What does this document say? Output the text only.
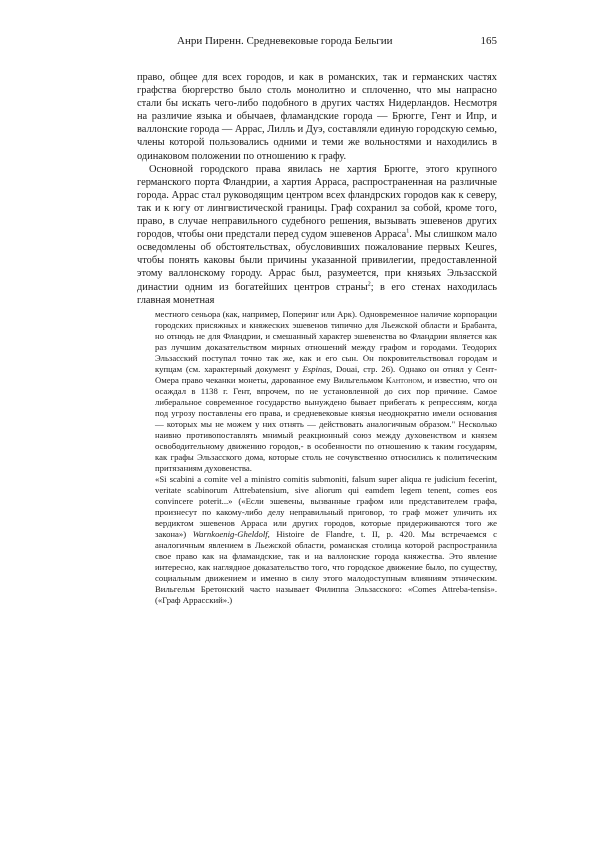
Анри Пиренн. Средневековые города Бельгии	165

право, общее для всех городов, и как в романских, так и германских частях графства бюргерство было столь монолитно и сплоченно, что мы напрасно стали бы искать чего-либо подобного в других частях Нидерландов. Несмотря на различие языка и обычаев, фламандские города — Брюгге, Гент и Ипр, и валлонские города — Аррас, Лилль и Дуэ, составляли единую городскую семью, члены которой пользовались одними и теми же вольностями и находились в одинаковом положении по отношению к графу.

Основной городского права явилась не хартия Брюгге, этого крупного германского порта Фландрии, а хартия Арраса, распространенная на различные города. Аррас стал руководящим центром всех фландрских городов как к северу, так и к югу от лингвистической границы. Граф сохранил за собой, кроме того, право, в случае неправильного судебного решения, вызывать эшевенов других городов, чтобы они предстали перед судом эшевенов Арраса$^1$. Мы слишком мало осведомлены об обстоятельствах, обусловивших пожалование первых Keures, чтобы понять каковы были причины указанной привилегии, предоставленной этому валлонскому городу. Аррас был, разумеется, при князьях Эльзасской династии одним из богатейших центров страны$^2$; в его стенах находилась главная монетная

местного сеньора (как, например, Поперинг или Арк). Одновременное наличие корпорации городских присяжных и княжеских эшевенов типично для Льежской области и Брабанта, но отнюдь не для Фландрии, и смешанный характер эшевенства во Фландрии является как раз лучшим доказательством мирных отношений между графом и городами. Теодорих Эльзасский поступал точно так же, как и его сын. Он покровительствовал городам и купцам (см. характерный документ у Espinas, Douai, стр. 26). Однако он отнял у Сент-Омера право чеканки монеты, дарованное ему Вильгельмом Кантоном, и известно, что он осаждал в 1138 г. Гент, впрочем, по не установленной до сих пор причине. Самое либеральное современное государство вынуждено бывает прибегать к репрессиям, когда под угрозу поставлены его права, и средневековые князья неоднократно имели основания — которых мы не можем у них отнять — действовать аналогичным образом." Несколько наивно противопоставлять мнимый реакционный союз между духовенством и князем освободительному движению городов,- в особенности по отношению к таким государям, как графы Эльзасского дома, которые столь не сочувственно относились к политическим притязаниям духовенства.

«Si scabini a comite vel a ministro comitis submoniti, falsum super aliqua re judicium fecerint, veritate scabinorum Attrebatensium, sive aliorum qui eamdem legem tenent, comes eos convincere poterit...» («Если эшевены, вызванные графом или представителем графа, произнесут по какому-либо делу неправильный приговор, то граф может уличить их вердиктом эшевенов Арраса или других городов, которые придерживаются того же закона») Warnkoenig-Gheldolf, Histoire de Flandre, t. II, p. 420. Мы встречаемся с аналогичным явлением в Льежской области, романская столица которой распространила свое право как на фламандские, так и на валлонские города княжества. Это явление интересно, как наглядное доказательство того, что городское движение было, по существу, социальным движением и именно в силу этого малодоступным влияниям этническим. Вильгельм Бретонский часто называет Филиппа Эльзасского: «Comes Attreba-tensis». («Граф Аррасский».)
